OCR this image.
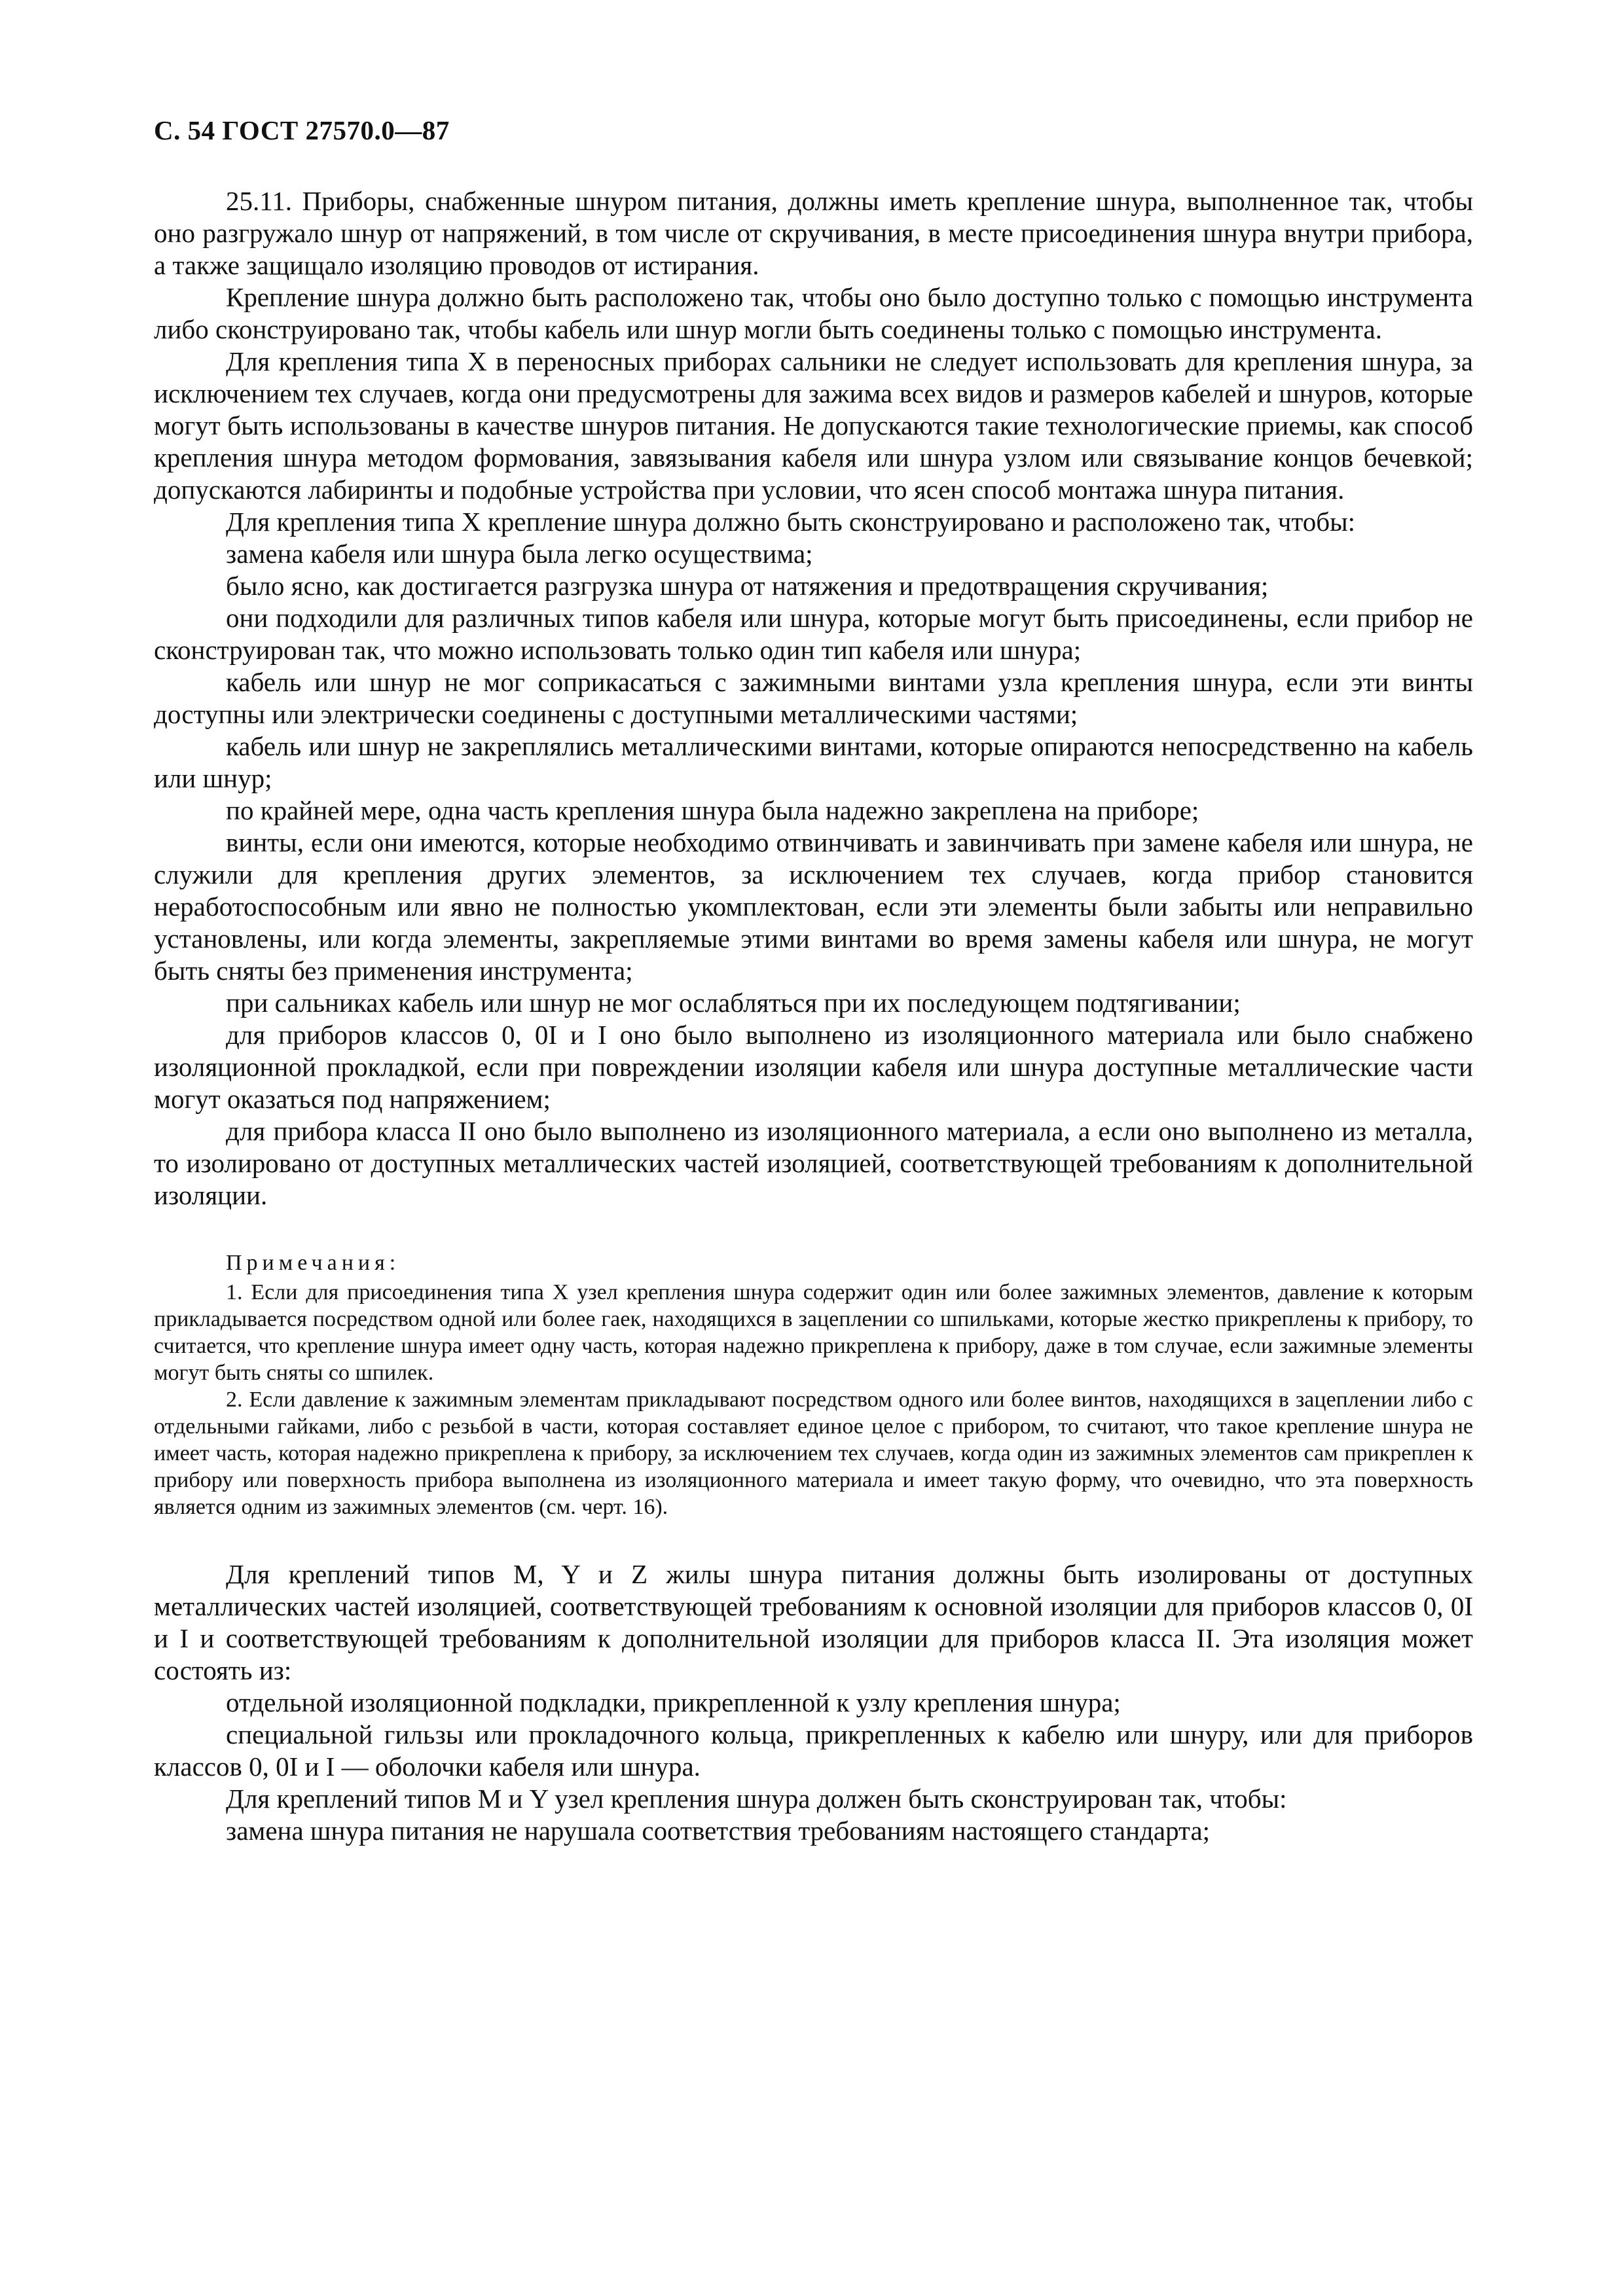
С. 54 ГОСТ 27570.0—87

25.11. Приборы, снабженные шнуром питания, должны иметь крепление шнура, выполненное так, чтобы оно разгружало шнур от напряжений, в том числе от скручивания, в месте присоединения шнура внутри прибора, а также защищало изоляцию проводов от истирания.

Крепление шнура должно быть расположено так, чтобы оно было доступно только с помощью инструмента либо сконструировано так, чтобы кабель или шнур могли быть соединены только с помощью инструмента.

Для крепления типа X в переносных приборах сальники не следует использовать для крепления шнура, за исключением тех случаев, когда они предусмотрены для зажима всех видов и размеров кабелей и шнуров, которые могут быть использованы в качестве шнуров питания. Не допускаются такие технологические приемы, как способ крепления шнура методом формования, завязывания кабеля или шнура узлом или связывание концов бечевкой; допускаются лабиринты и подобные устройства при условии, что ясен способ монтажа шнура питания.

Для крепления типа X крепление шнура должно быть сконструировано и расположено так, чтобы:

замена кабеля или шнура была легко осуществима;

было ясно, как достигается разгрузка шнура от натяжения и предотвращения скручивания;

они подходили для различных типов кабеля или шнура, которые могут быть присоединены, если прибор не сконструирован так, что можно использовать только один тип кабеля или шнура;

кабель или шнур не мог соприкасаться с зажимными винтами узла крепления шнура, если эти винты доступны или электрически соединены с доступными металлическими частями;

кабель или шнур не закреплялись металлическими винтами, которые опираются непосредственно на кабель или шнур;

по крайней мере, одна часть крепления шнура была надежно закреплена на приборе;

винты, если они имеются, которые необходимо отвинчивать и завинчивать при замене кабеля или шнура, не служили для крепления других элементов, за исключением тех случаев, когда прибор становится неработоспособным или явно не полностью укомплектован, если эти элементы были забыты или неправильно установлены, или когда элементы, закрепляемые этими винтами во время замены кабеля или шнура, не могут быть сняты без применения инструмента;

при сальниках кабель или шнур не мог ослабляться при их последующем подтягивании;

для приборов классов 0, 0I и I оно было выполнено из изоляционного материала или было снабжено изоляционной прокладкой, если при повреждении изоляции кабеля или шнура доступные металлические части могут оказаться под напряжением;

для прибора класса II оно было выполнено из изоляционного материала, а если оно выполнено из металла, то изолировано от доступных металлических частей изоляцией, соответствующей требованиям к дополнительной изоляции.

Примечания:

1. Если для присоединения типа X узел крепления шнура содержит один или более зажимных элементов, давление к которым прикладывается посредством одной или более гаек, находящихся в зацеплении со шпильками, которые жестко прикреплены к прибору, то считается, что крепление шнура имеет одну часть, которая надежно прикреплена к прибору, даже в том случае, если зажимные элементы могут быть сняты со шпилек.

2. Если давление к зажимным элементам прикладывают посредством одного или более винтов, находящихся в зацеплении либо с отдельными гайками, либо с резьбой в части, которая составляет единое целое с прибором, то считают, что такое крепление шнура не имеет часть, которая надежно прикреплена к прибору, за исключением тех случаев, когда один из зажимных элементов сам прикреплен к прибору или поверхность прибора выполнена из изоляционного материала и имеет такую форму, что очевидно, что эта поверхность является одним из зажимных элементов (см. черт. 16).

Для креплений типов M, Y и Z жилы шнура питания должны быть изолированы от доступных металлических частей изоляцией, соответствующей требованиям к основной изоляции для приборов классов 0, 0I и I и соответствующей требованиям к дополнительной изоляции для приборов класса II. Эта изоляция может состоять из:

отдельной изоляционной подкладки, прикрепленной к узлу крепления шнура;

специальной гильзы или прокладочного кольца, прикрепленных к кабелю или шнуру, или для приборов классов 0, 0I и I — оболочки кабеля или шнура.

Для креплений типов M и Y узел крепления шнура должен быть сконструирован так, чтобы:

замена шнура питания не нарушала соответствия требованиям настоящего стандарта;
